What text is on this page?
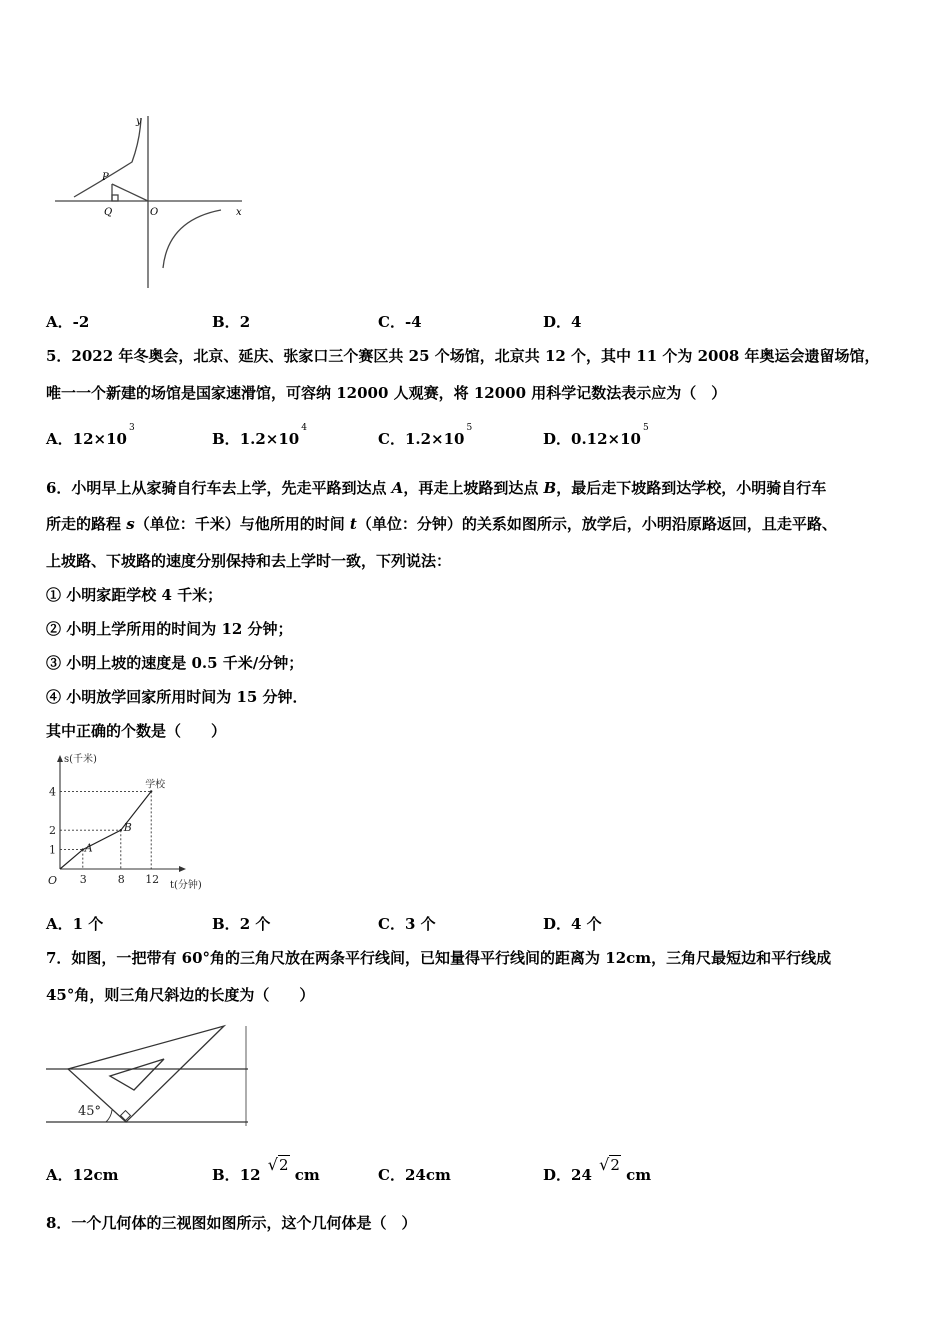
x
y
O
P
Q
A．-2	B．2	C．-4	D．4
5．2022 年冬奥会，北京、延庆、张家口三个赛区共 25 个场馆，北京共 12 个，其中 11 个为 2008 年奥运会遗留场馆，
唯一一个新建的场馆是国家速滑馆，可容纳 12000 人观赛，将 12000 用科学记数法表示应为（　）
A．$12\times 10^3$
B．$1.2\times 10^4$
C．$1.2\times 10^5$
D．$0.12\times 10^5$
6．小明早上从家骑自行车去上学，先走平路到达点 A，再走上坡路到达点 B，最后走下坡路到达学校，小明骑自行车
所走的路程 s（单位：千米）与他所用的时间 t（单位：分钟）的关系如图所示，放学后，小明沿原路返回，且走平路、
上坡路、下坡路的速度分别保持和去上学时一致，下列说法：
① 小明家距学校 4 千米；
② 小明上学所用的时间为 12 分钟；
③ 小明上坡的速度是 0.5 千米/分钟；
④ 小明放学回家所用时间为 15 分钟．
其中正确的个数是（　　）
3	8 12
1
2
4
s(千米)
t(分钟)
O
A
B
学校
A．1 个	B．2 个	C．3 个	D．4 个
7．如图，一把带有 60°角的三角尺放在两条平行线间，已知量得平行线间的距离为 12cm，三角尺最短边和平行线成
45°角，则三角尺斜边的长度为（　　）
45°
A．12cm	B．12 √2 cm	C．24cm	D．24 √2 cm
8．一个几何体的三视图如图所示，这个几何体是（　）
